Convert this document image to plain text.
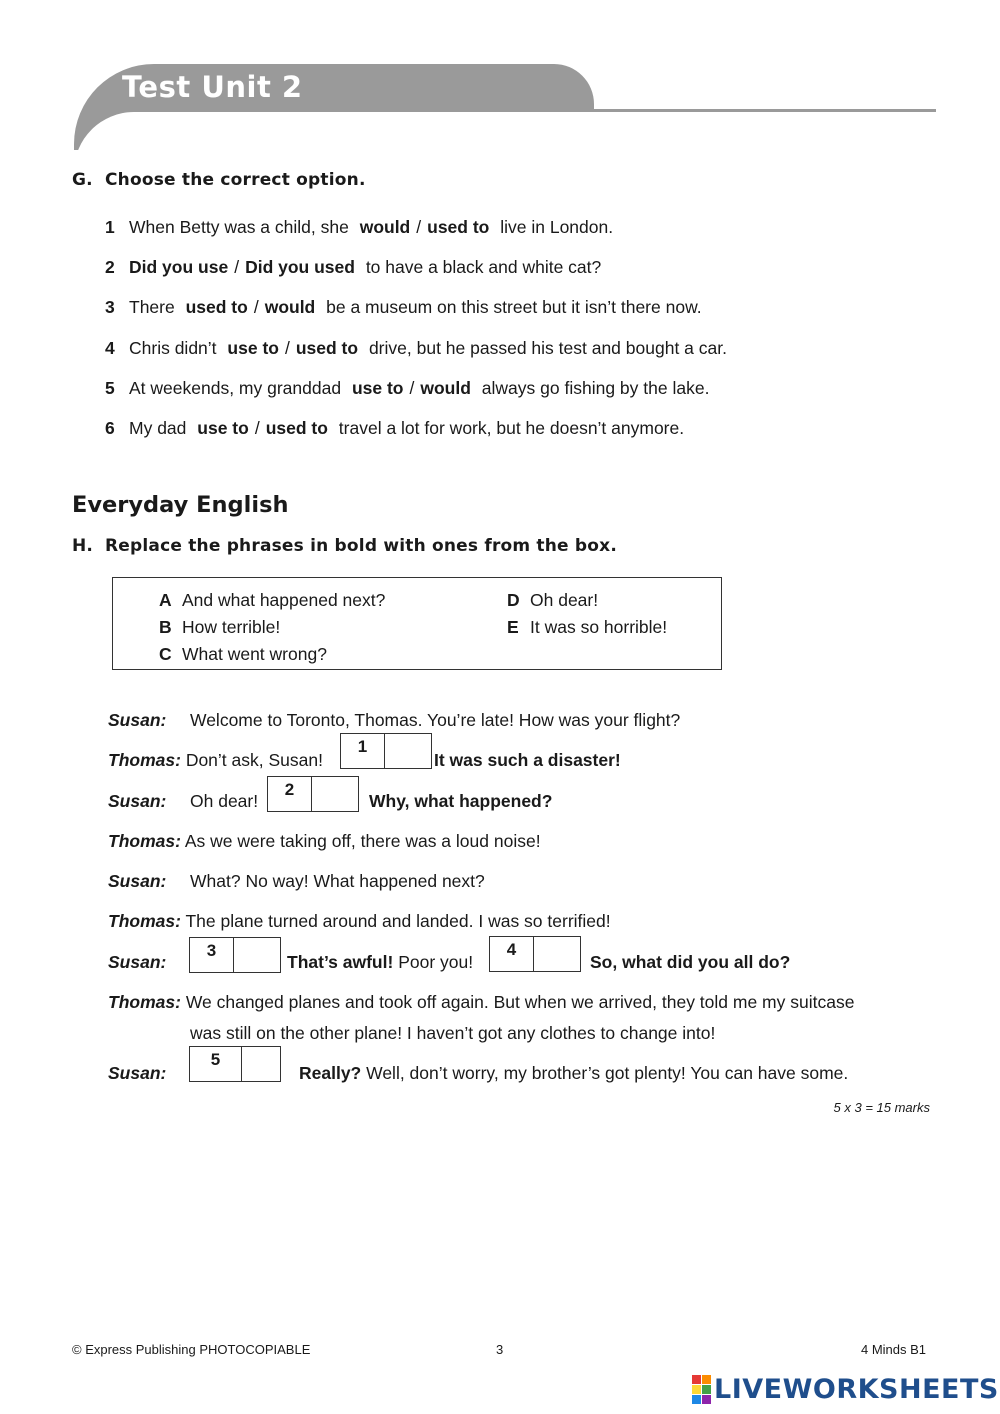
Test Unit 2
G. Choose the correct option.
1 When Betty was a child, she would / used to live in London.
2 Did you use / Did you used to have a black and white cat?
3 There used to / would be a museum on this street but it isn’t there now.
4 Chris didn’t use to / used to drive, but he passed his test and bought a car.
5 At weekends, my granddad use to / would always go fishing by the lake.
6 My dad use to / used to travel a lot for work, but he doesn’t anymore.
Everyday English
H. Replace the phrases in bold with ones from the box.
A And what happened next?
B How terrible!
C What went wrong?
D Oh dear!
E It was so horrible!
Susan: Welcome to Toronto, Thomas. You’re late! How was your flight?
Thomas: Don’t ask, Susan!
1
It was such a disaster!
Susan: Oh dear!
2
Why, what happened?
Thomas: As we were taking off, there was a loud noise!
Susan: What? No way! What happened next?
Thomas: The plane turned around and landed. I was so terrified!
Susan:
3
That’s awful! Poor you!
4
So, what did you all do?
Thomas: We changed planes and took off again. But when we arrived, they told me my suitcase
was still on the other plane! I haven’t got any clothes to change into!
Susan:
5
Really? Well, don’t worry, my brother’s got plenty! You can have some.
5 x 3 = 15 marks
© Express Publishing PHOTOCOPIABLE	3	4 Minds B1
LIVEWORKSHEETS
